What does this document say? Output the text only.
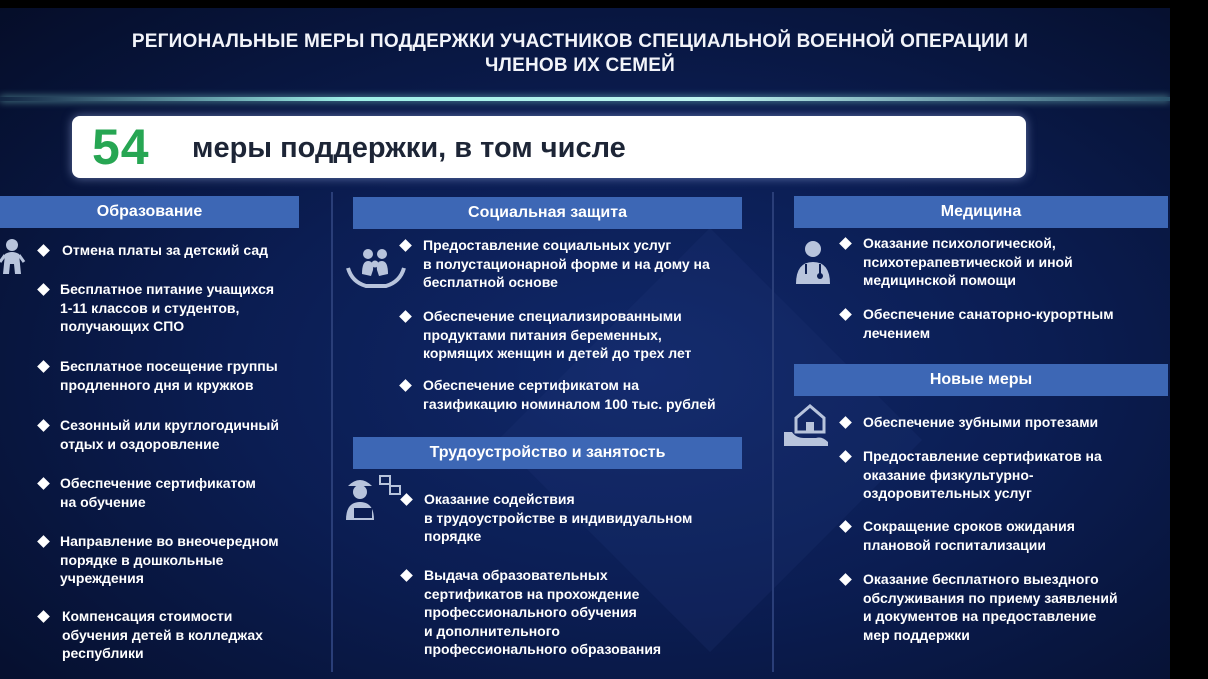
РЕГИОНАЛЬНЫЕ МЕРЫ ПОДДЕРЖКИ УЧАСТНИКОВ СПЕЦИАЛЬНОЙ ВОЕННОЙ ОПЕРАЦИИ И
ЧЛЕНОВ ИХ СЕМЕЙ
54 меры поддержки, в том числе
Образование	Социальная защита
Трудоустройство и занятость
Медицина
Новые меры
Отмена платы за детский сад
Бесплатное питание учащихся
1-11 классов и студентов,
получающих СПО
Бесплатное посещение группы
продленного дня и кружков
Сезонный или круглогодичный
отдых и оздоровление
Обеспечение сертификатом
на обучение
Направление во внеочередном
порядке в дошкольные
учреждения
Компенсация стоимости
обучения детей в колледжах
республики
Предоставление социальных услуг
в полустационарной форме и на дому на
бесплатной основе
Обеспечение специализированными
продуктами питания беременных,
кормящих женщин и детей до трех лет
Обеспечение сертификатом на
газификацию номиналом 100 тыс. рублей
Оказание содействия
в трудоустройстве в индивидуальном
порядке
Выдача образовательных
сертификатов на прохождение
профессионального обучения
и дополнительного
профессионального образования
Оказание психологической,
психотерапевтической и иной
медицинской помощи
Обеспечение санаторно-курортным
лечением
Обеспечение зубными протезами
Предоставление сертификатов на
оказание физкультурно-
оздоровительных услуг
Сокращение сроков ожидания
плановой госпитализации
Оказание бесплатного выездного
обслуживания по приему заявлений
и документов на предоставление
мер поддержки
